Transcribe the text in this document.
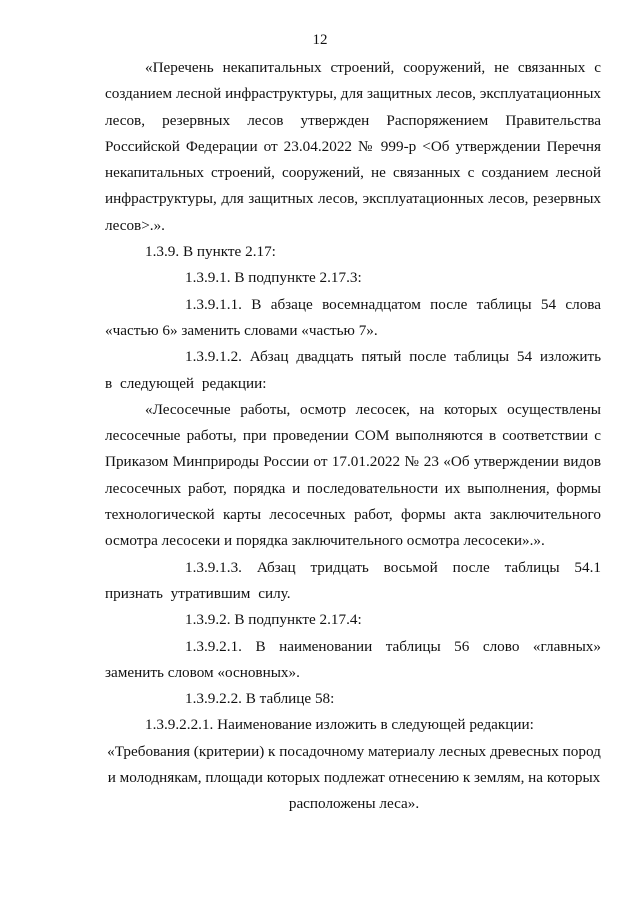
12

«Перечень некапитальных строений, сооружений, не связанных с созданием лесной инфраструктуры, для защитных лесов, эксплуатационных лесов, резервных лесов утвержден Распоряжением Правительства Российской Федерации от 23.04.2022 № 999-р <Об утверждении Перечня некапитальных строений, сооружений, не связанных с созданием лесной инфраструктуры, для защитных лесов, эксплуатационных лесов, резервных лесов>.».

1.3.9. В пункте 2.17:

1.3.9.1. В подпункте 2.17.3:

1.3.9.1.1. В абзаце восемнадцатом после таблицы 54 слова «частью 6» заменить словами «частью 7».

1.3.9.1.2. Абзац двадцать пятый после таблицы 54 изложить в следующей редакции:

«Лесосечные работы, осмотр лесосек, на которых осуществлены лесосечные работы, при проведении СОМ выполняются в соответствии с Приказом Минприроды России от 17.01.2022 № 23 «Об утверждении видов лесосечных работ, порядка и последовательности их выполнения, формы технологической карты лесосечных работ, формы акта заключительного осмотра лесосеки и порядка заключительного осмотра лесосеки».».

1.3.9.1.3. Абзац тридцать восьмой после таблицы 54.1 признать утратившим силу.

1.3.9.2. В подпункте 2.17.4:

1.3.9.2.1. В наименовании таблицы 56 слово «главных» заменить словом «основных».

1.3.9.2.2. В таблице 58:

1.3.9.2.2.1. Наименование изложить в следующей редакции:

«Требования (критерии) к посадочному материалу лесных древесных пород и молоднякам, площади которых подлежат отнесению к землям, на которых расположены леса».
